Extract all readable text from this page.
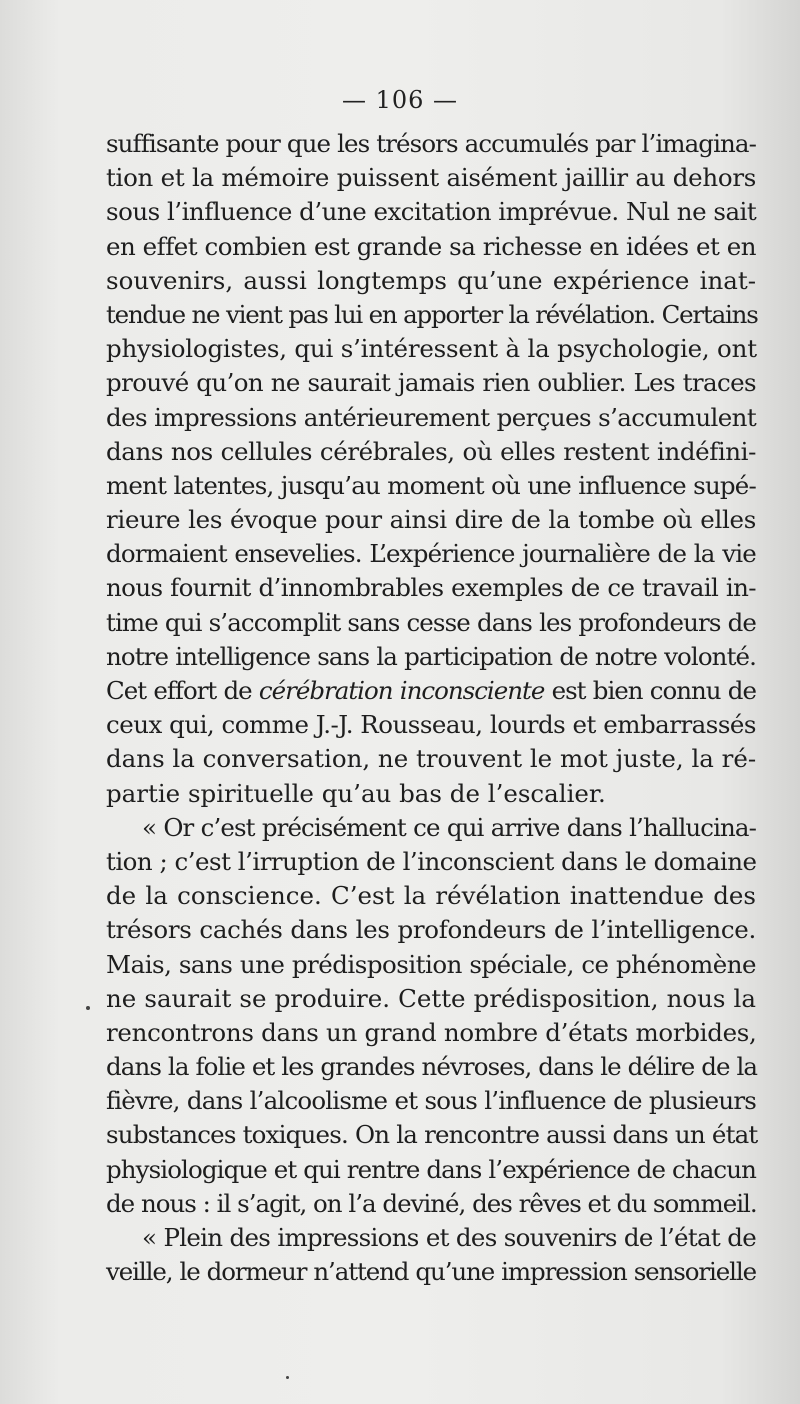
— 106 —
suffisante pour que les trésors accumulés par l’imagina-
tion et la mémoire puissent aisément jaillir au dehors
sous l’influence d’une excitation imprévue. Nul ne sait
en effet combien est grande sa richesse en idées et en
souvenirs, aussi longtemps qu’une expérience inat-
tendue ne vient pas lui en apporter la révélation. Certains
physiologistes, qui s’intéressent à la psychologie, ont
prouvé qu’on ne saurait jamais rien oublier. Les traces
des impressions antérieurement perçues s’accumulent
dans nos cellules cérébrales, où elles restent indéfini-
ment latentes, jusqu’au moment où une influence supé-
rieure les évoque pour ainsi dire de la tombe où elles
dormaient ensevelies. L’expérience journalière de la vie
nous fournit d’innombrables exemples de ce travail in-
time qui s’accomplit sans cesse dans les profondeurs de
notre intelligence sans la participation de notre volonté.
Cet effort de cérébration inconsciente est bien connu de
ceux qui, comme J.-J. Rousseau, lourds et embarrassés
dans la conversation, ne trouvent le mot juste, la ré-
partie spirituelle qu’au bas de l’escalier.
« Or c’est précisément ce qui arrive dans l’hallucina-
tion ; c’est l’irruption de l’inconscient dans le domaine
de la conscience. C’est la révélation inattendue des
trésors cachés dans les profondeurs de l’intelligence.
Mais, sans une prédisposition spéciale, ce phénomène
ne saurait se produire. Cette prédisposition, nous la
rencontrons dans un grand nombre d’états morbides,
dans la folie et les grandes névroses, dans le délire de la
fièvre, dans l’alcoolisme et sous l’influence de plusieurs
substances toxiques. On la rencontre aussi dans un état
physiologique et qui rentre dans l’expérience de chacun
de nous : il s’agit, on l’a deviné, des rêves et du sommeil.
« Plein des impressions et des souvenirs de l’état de
veille, le dormeur n’attend qu’une impression sensorielle
